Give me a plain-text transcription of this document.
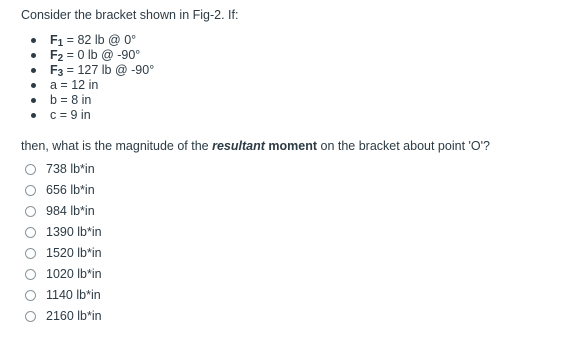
Consider the bracket shown in Fig-2. If:

F1 = 82 lb @ 0°
F2 = 0 lb @ -90°
F3 = 127 lb @ -90°
a = 12 in
b = 8 in
c = 9 in

then, what is the magnitude of the resultant moment on the bracket about point 'O'?

738 lb*in
656 lb*in
984 lb*in
1390 lb*in
1520 lb*in
1020 lb*in
1140 lb*in
2160 lb*in
